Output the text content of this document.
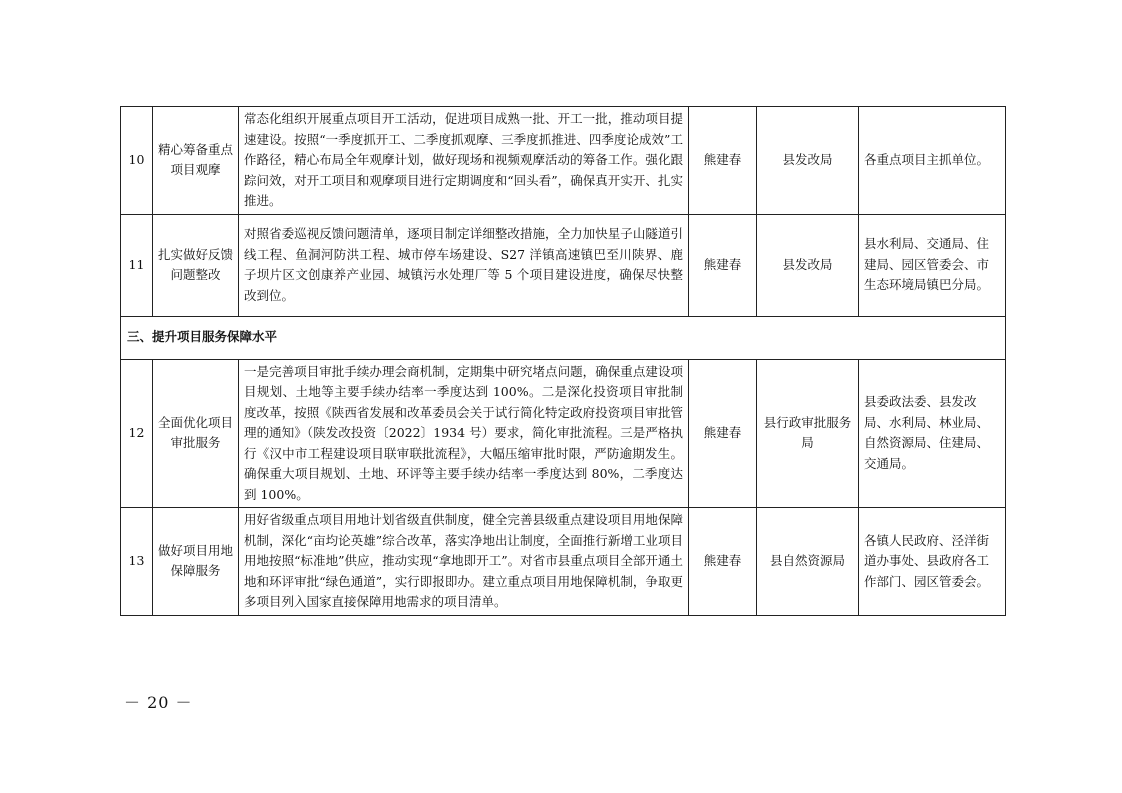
10	精心筹备重点项目观摩	常态化组织开展重点项目开工活动，促进项目成熟一批、开工一批，推动项目提速建设。按照“一季度抓开工、二季度抓观摩、三季度抓推进、四季度论成效”工作路径，精心布局全年观摩计划，做好现场和视频观摩活动的筹备工作。强化跟踪问效，对开工项目和观摩项目进行定期调度和“回头看”，确保真开实开、扎实推进。	熊建春	县发改局	各重点项目主抓单位。
11	扎实做好反馈问题整改	对照省委巡视反馈问题清单，逐项目制定详细整改措施，全力加快星子山隧道引线工程、鱼洞河防洪工程、城市停车场建设、S27 洋镇高速镇巴至川陕界、鹿子坝片区文创康养产业园、城镇污水处理厂等 5 个项目建设进度，确保尽快整改到位。	熊建春	县发改局	县水利局、交通局、住建局、园区管委会、市生态环境局镇巴分局。
三、提升项目服务保障水平					
12	全面优化项目审批服务	一是完善项目审批手续办理会商机制，定期集中研究堵点问题，确保重点建设项目规划、土地等主要手续办结率一季度达到 100%。二是深化投资项目审批制度改革，按照《陕西省发展和改革委员会关于试行简化特定政府投资项目审批管理的通知》（陕发改投资〔2022〕1934 号）要求，简化审批流程。三是严格执行《汉中市工程建设项目联审联批流程》，大幅压缩审批时限，严防逾期发生。确保重大项目规划、土地、环评等主要手续办结率一季度达到 80%，二季度达到 100%。	熊建春	县行政审批服务局	县委政法委、县发改局、水利局、林业局、自然资源局、住建局、交通局。
13	做好项目用地保障服务	用好省级重点项目用地计划省级直供制度，健全完善县级重点建设项目用地保障机制，深化“亩均论英雄”综合改革，落实净地出让制度，全面推行新增工业项目用地按照“标准地”供应，推动实现“拿地即开工”。对省市县重点项目全部开通土地和环评审批“绿色通道”，实行即报即办。建立重点项目用地保障机制，争取更多项目列入国家直接保障用地需求的项目清单。	熊建春	县自然资源局	各镇人民政府、泾洋街道办事处、县政府各工作部门、园区管委会。
－ 20 －
